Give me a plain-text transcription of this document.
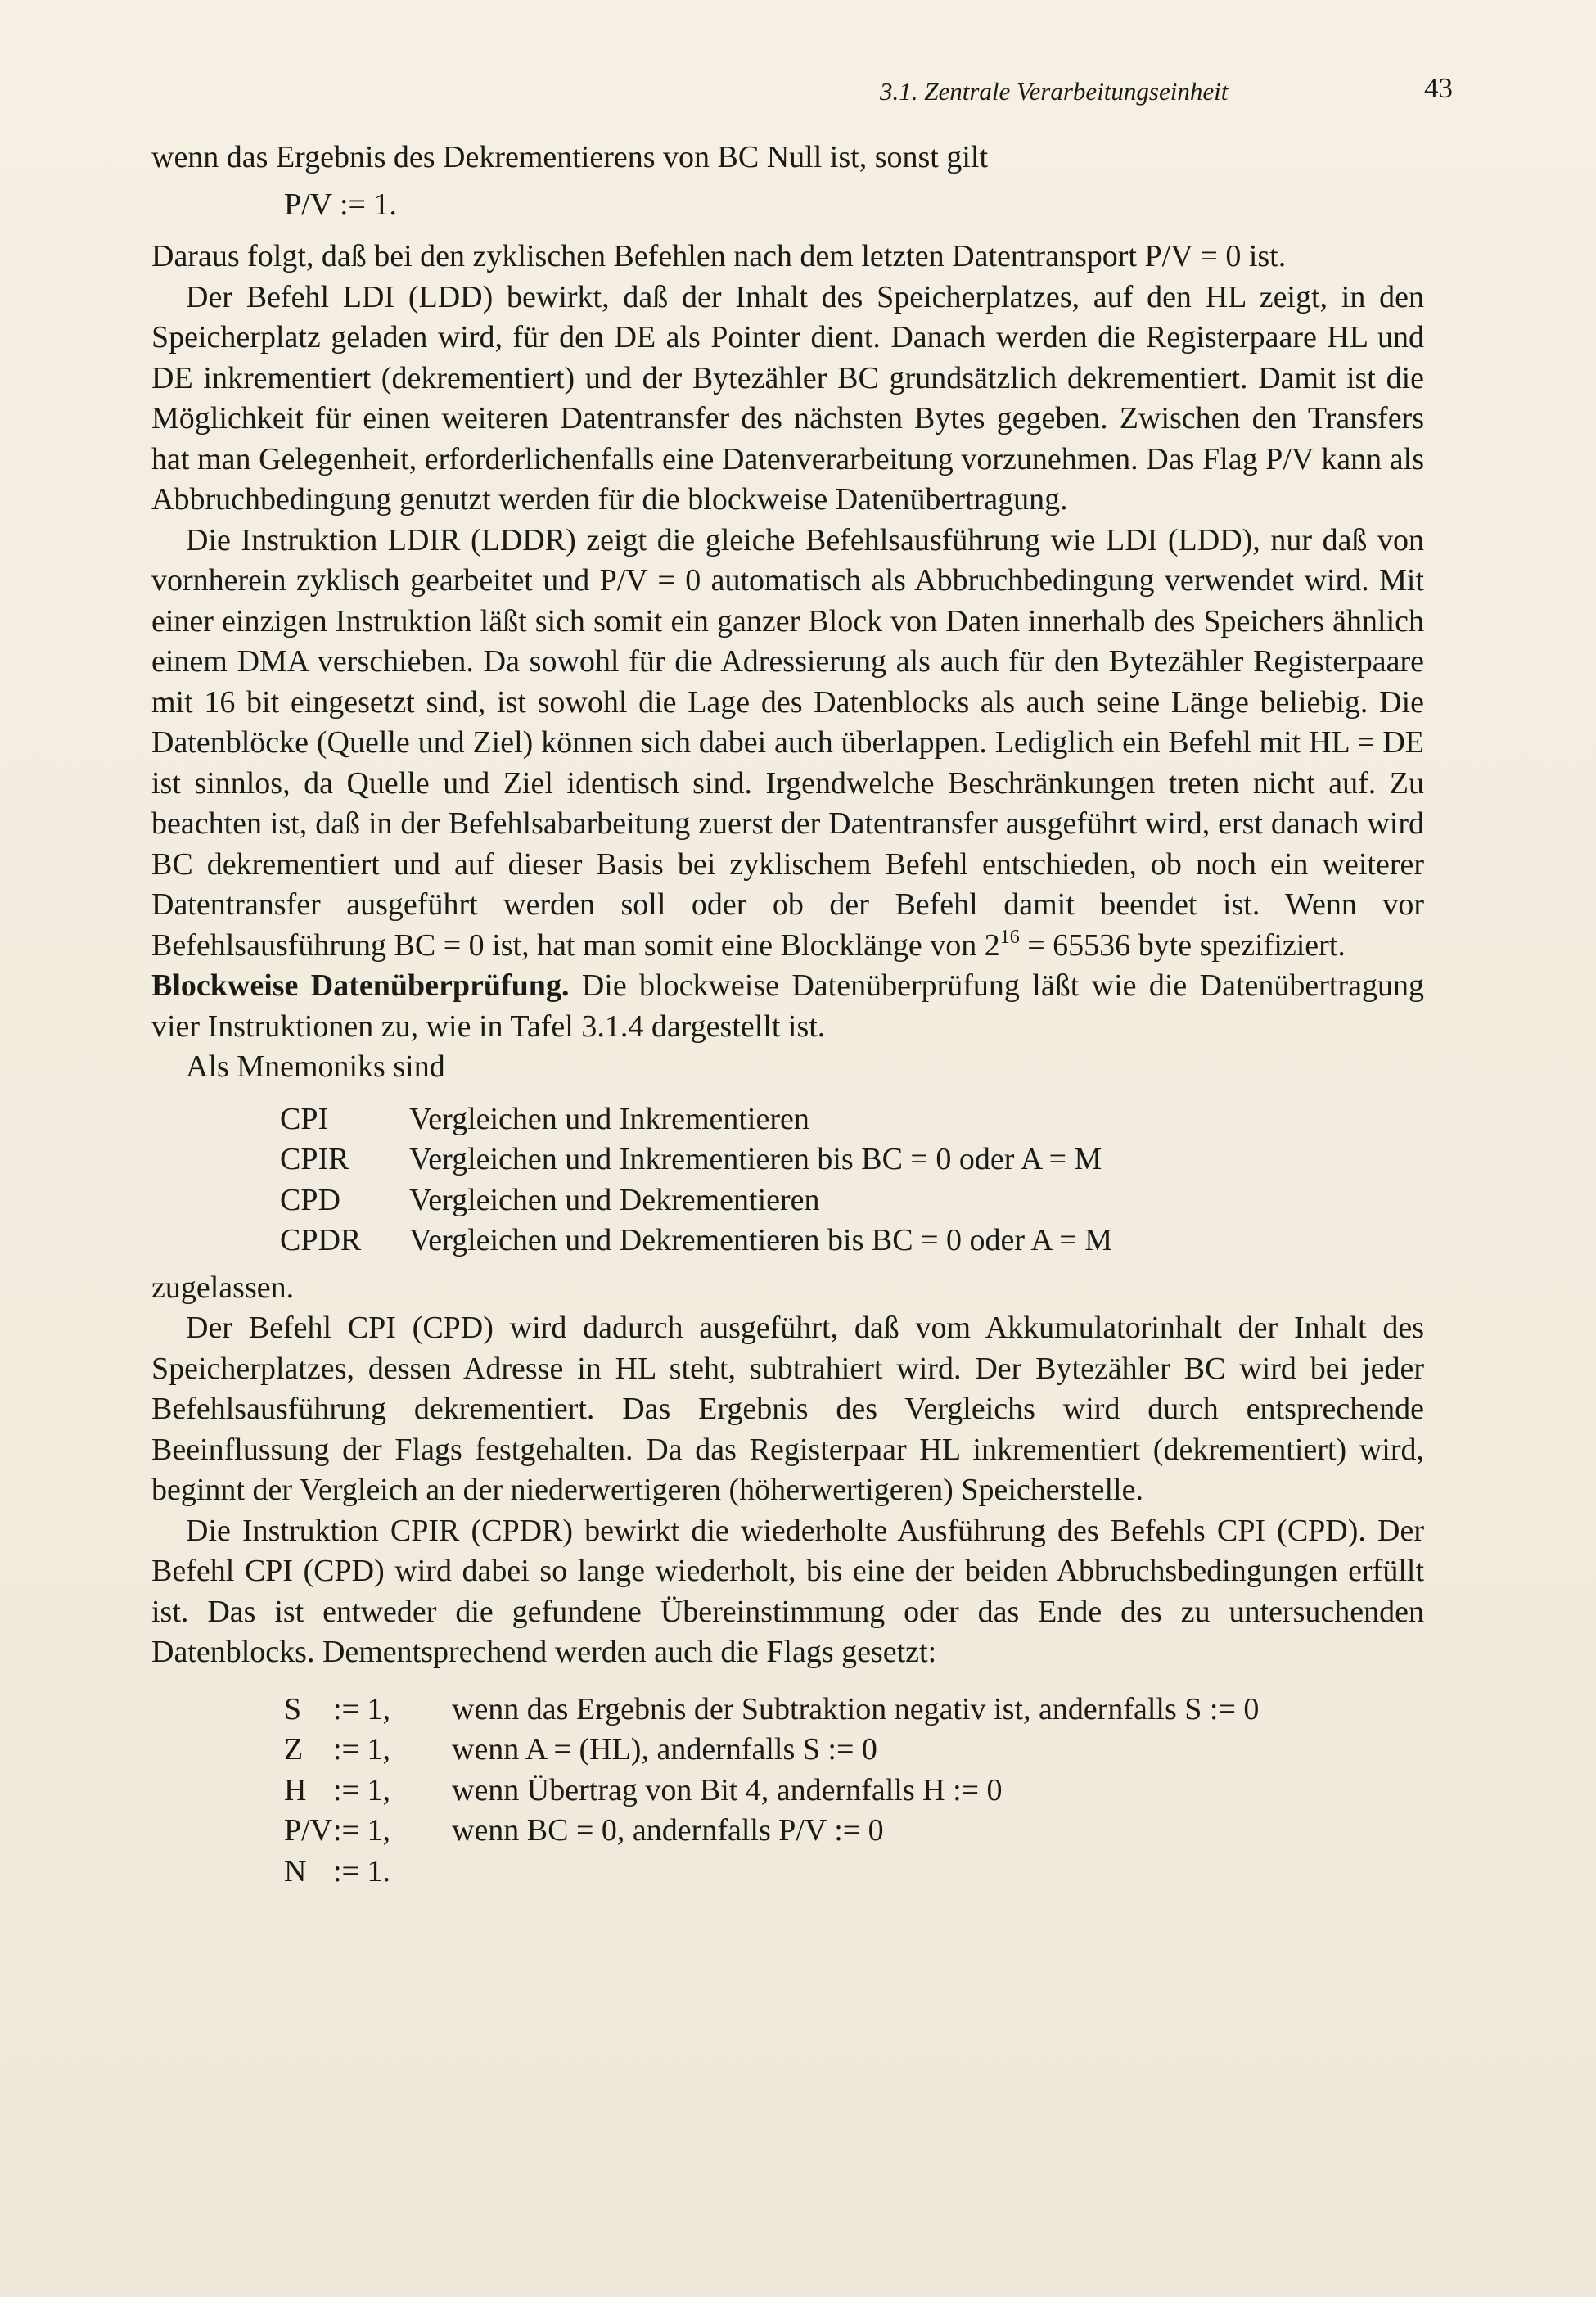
3.1. Zentrale Verarbeitungseinheit	43

wenn das Ergebnis des Dekrementierens von BC Null ist, sonst gilt

P/V := 1.

Daraus folgt, daß bei den zyklischen Befehlen nach dem letzten Datentransport P/V = 0 ist.

Der Befehl LDI (LDD) bewirkt, daß der Inhalt des Speicherplatzes, auf den HL zeigt, in den Speicherplatz geladen wird, für den DE als Pointer dient. Danach werden die Registerpaare HL und DE inkrementiert (dekrementiert) und der Bytezähler BC grundsätzlich dekrementiert. Damit ist die Möglichkeit für einen weiteren Datentransfer des nächsten Bytes gegeben. Zwischen den Transfers hat man Gelegenheit, erforderlichenfalls eine Datenverarbeitung vorzunehmen. Das Flag P/V kann als Abbruchbedingung genutzt werden für die blockweise Datenübertragung.

Die Instruktion LDIR (LDDR) zeigt die gleiche Befehlsausführung wie LDI (LDD), nur daß von vornherein zyklisch gearbeitet und P/V = 0 automatisch als Abbruchbedingung verwendet wird. Mit einer einzigen Instruktion läßt sich somit ein ganzer Block von Daten innerhalb des Speichers ähnlich einem DMA verschieben. Da sowohl für die Adressierung als auch für den Bytezähler Registerpaare mit 16 bit eingesetzt sind, ist sowohl die Lage des Datenblocks als auch seine Länge beliebig. Die Datenblöcke (Quelle und Ziel) können sich dabei auch überlappen. Lediglich ein Befehl mit HL = DE ist sinnlos, da Quelle und Ziel identisch sind. Irgendwelche Beschränkungen treten nicht auf. Zu beachten ist, daß in der Befehlsabarbeitung zuerst der Datentransfer ausgeführt wird, erst danach wird BC dekrementiert und auf dieser Basis bei zyklischem Befehl entschieden, ob noch ein weiterer Datentransfer ausgeführt werden soll oder ob der Befehl damit beendet ist. Wenn vor Befehlsausführung BC = 0 ist, hat man somit eine Blocklänge von $2^{16} = 65536$ byte spezifiziert.

Blockweise Datenüberprüfung. Die blockweise Datenüberprüfung läßt wie die Datenübertragung vier Instruktionen zu, wie in Tafel 3.1.4 dargestellt ist.

Als Mnemoniks sind

CPI	Vergleichen und Inkrementieren
CPIR	Vergleichen und Inkrementieren bis BC = 0 oder A = M
CPD	Vergleichen und Dekrementieren
CPDR	Vergleichen und Dekrementieren bis BC = 0 oder A = M

zugelassen.

Der Befehl CPI (CPD) wird dadurch ausgeführt, daß vom Akkumulatorinhalt der Inhalt des Speicherplatzes, dessen Adresse in HL steht, subtrahiert wird. Der Bytezähler BC wird bei jeder Befehlsausführung dekrementiert. Das Ergebnis des Vergleichs wird durch entsprechende Beeinflussung der Flags festgehalten. Da das Registerpaar HL inkrementiert (dekrementiert) wird, beginnt der Vergleich an der niederwertigeren (höherwertigeren) Speicherstelle.

Die Instruktion CPIR (CPDR) bewirkt die wiederholte Ausführung des Befehls CPI (CPD). Der Befehl CPI (CPD) wird dabei so lange wiederholt, bis eine der beiden Abbruchsbedingungen erfüllt ist. Das ist entweder die gefundene Übereinstimmung oder das Ende des zu untersuchenden Datenblocks. Dementsprechend werden auch die Flags gesetzt:

S	:= 1,	wenn das Ergebnis der Subtraktion negativ ist, andernfalls S := 0
Z := 1,	wenn A = (HL), andernfalls S := 0
H := 1,	wenn Übertrag von Bit 4, andernfalls H := 0
P/V := 1,	wenn BC = 0, andernfalls P/V := 0
N := 1.
